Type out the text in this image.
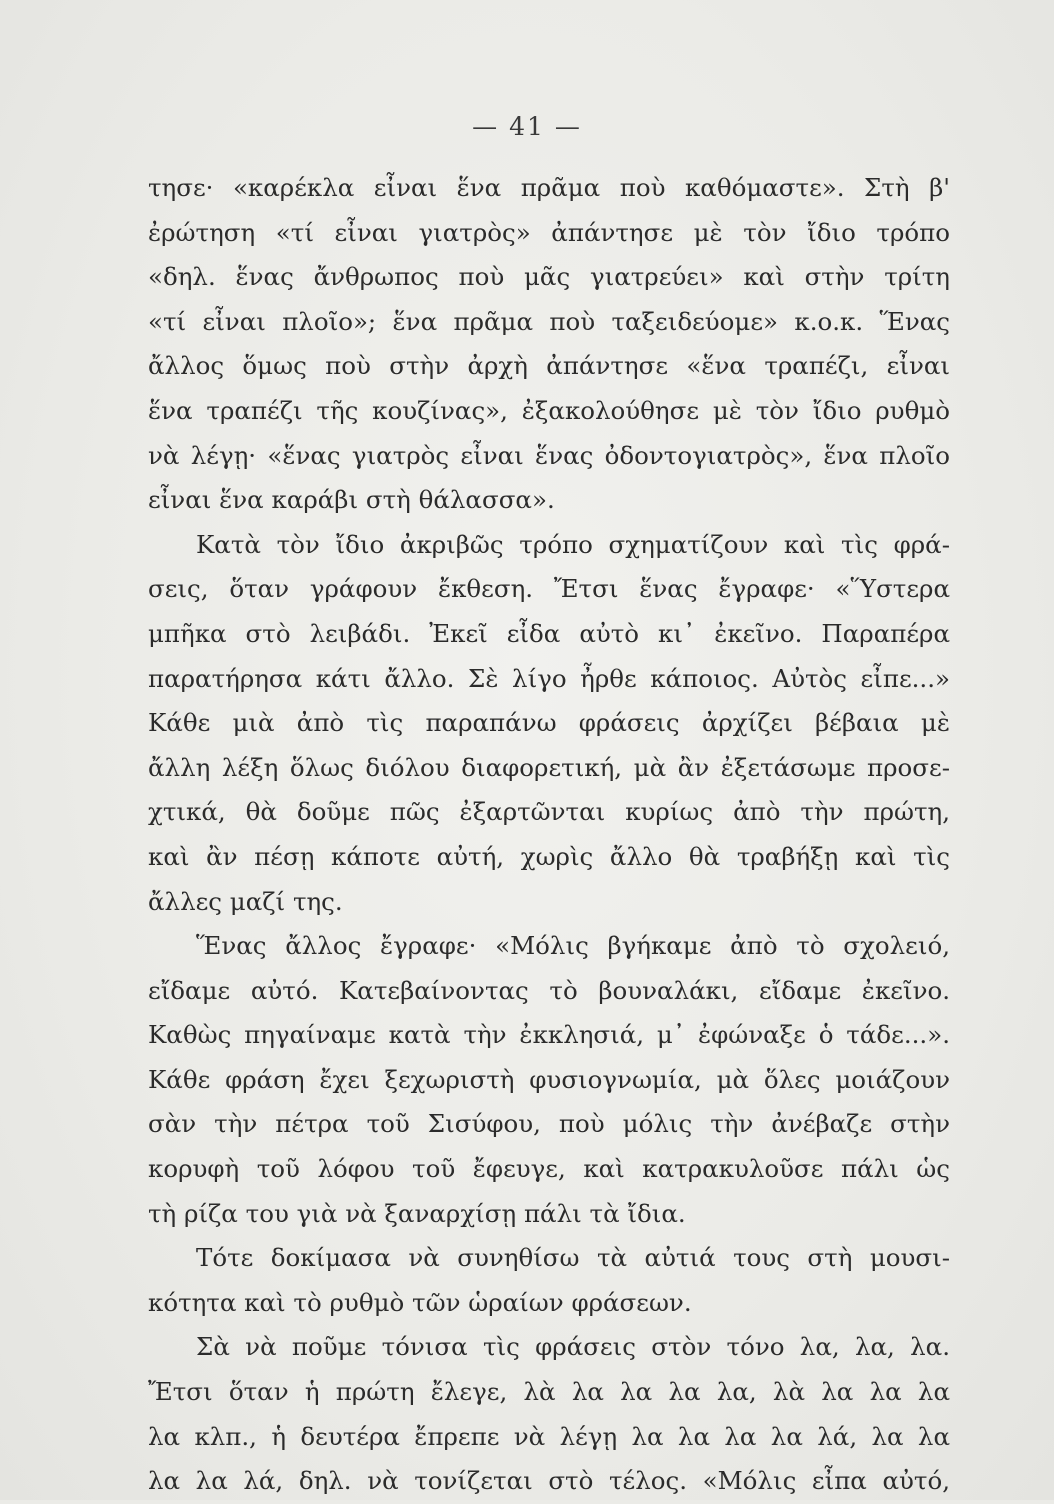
— 41 —
τησε· «καρέκλα εἶναι ἕνα πρᾶμα ποὺ καθόμαστε». Στὴ β'
ἐρώτηση «τί εἶναι γιατρὸς» ἀπάντησε μὲ τὸν ἴδιο τρόπο
«δηλ. ἕνας ἄνθρωπος ποὺ μᾶς γιατρεύει» καὶ στὴν τρίτη
«τί εἶναι πλοῖο»; ἕνα πρᾶμα ποὺ ταξειδεύομε» κ.ο.κ. Ἕνας
ἄλλος ὅμως ποὺ στὴν ἀρχὴ ἀπάντησε «ἕνα τραπέζι, εἶναι
ἕνα τραπέζι τῆς κουζίνας», ἐξακολούθησε μὲ τὸν ἴδιο ρυθμὸ
νὰ λέγῃ· «ἕνας γιατρὸς εἶναι ἕνας ὀδοντογιατρὸς», ἕνα πλοῖο
εἶναι ἕνα καράβι στὴ θάλασσα».
Κατὰ τὸν ἴδιο ἀκριβῶς τρόπο σχηματίζουν καὶ τὶς φρά-
σεις, ὅταν γράφουν ἔκθεση. Ἔτσι ἕνας ἔγραφε· «Ὕστερα
μπῆκα στὸ λειβάδι. Ἐκεῖ εἶδα αὐτὸ κι᾿ ἐκεῖνο. Παραπέρα
παρατήρησα κάτι ἄλλο. Σὲ λίγο ἦρθε κάποιος. Αὐτὸς εἶπε...»
Κάθε μιὰ ἀπὸ τὶς παραπάνω φράσεις ἀρχίζει βέβαια μὲ
ἄλλη λέξη ὅλως διόλου διαφορετική, μὰ ἂν ἐξετάσωμε προσε-
χτικά, θὰ δοῦμε πῶς ἐξαρτῶνται κυρίως ἀπὸ τὴν πρώτη,
καὶ ἂν πέσῃ κάποτε αὐτή, χωρὶς ἄλλο θὰ τραβήξῃ καὶ τὶς
ἄλλες μαζί της.
Ἕνας ἄλλος ἔγραφε· «Μόλις βγήκαμε ἀπὸ τὸ σχολειό,
εἴδαμε αὐτό. Κατεβαίνοντας τὸ βουναλάκι, εἴδαμε ἐκεῖνο.
Καθὼς πηγαίναμε κατὰ τὴν ἐκκλησιά, μ᾿ ἐφώναξε ὁ τάδε...».
Κάθε φράση ἔχει ξεχωριστὴ φυσιογνωμία, μὰ ὅλες μοιάζουν
σὰν τὴν πέτρα τοῦ Σισύφου, ποὺ μόλις τὴν ἀνέβαζε στὴν
κορυφὴ τοῦ λόφου τοῦ ἔφευγε, καὶ κατρακυλοῦσε πάλι ὡς
τὴ ρίζα του γιὰ νὰ ξαναρχίσῃ πάλι τὰ ἴδια.
Τότε δοκίμασα νὰ συνηθίσω τὰ αὐτιά τους στὴ μουσι-
κότητα καὶ τὸ ρυθμὸ τῶν ὡραίων φράσεων.
Σὰ νὰ ποῦμε τόνισα τὶς φράσεις στὸν τόνο λα, λα, λα.
Ἔτσι ὅταν ἡ πρώτη ἔλεγε, λὰ λα λα λα λα, λὰ λα λα λα
λα κλπ., ἡ δευτέρα ἔπρεπε νὰ λέγῃ λα λα λα λα λά, λα λα
λα λα λά, δηλ. νὰ τονίζεται στὸ τέλος. «Μόλις εἶπα αὐτό,
